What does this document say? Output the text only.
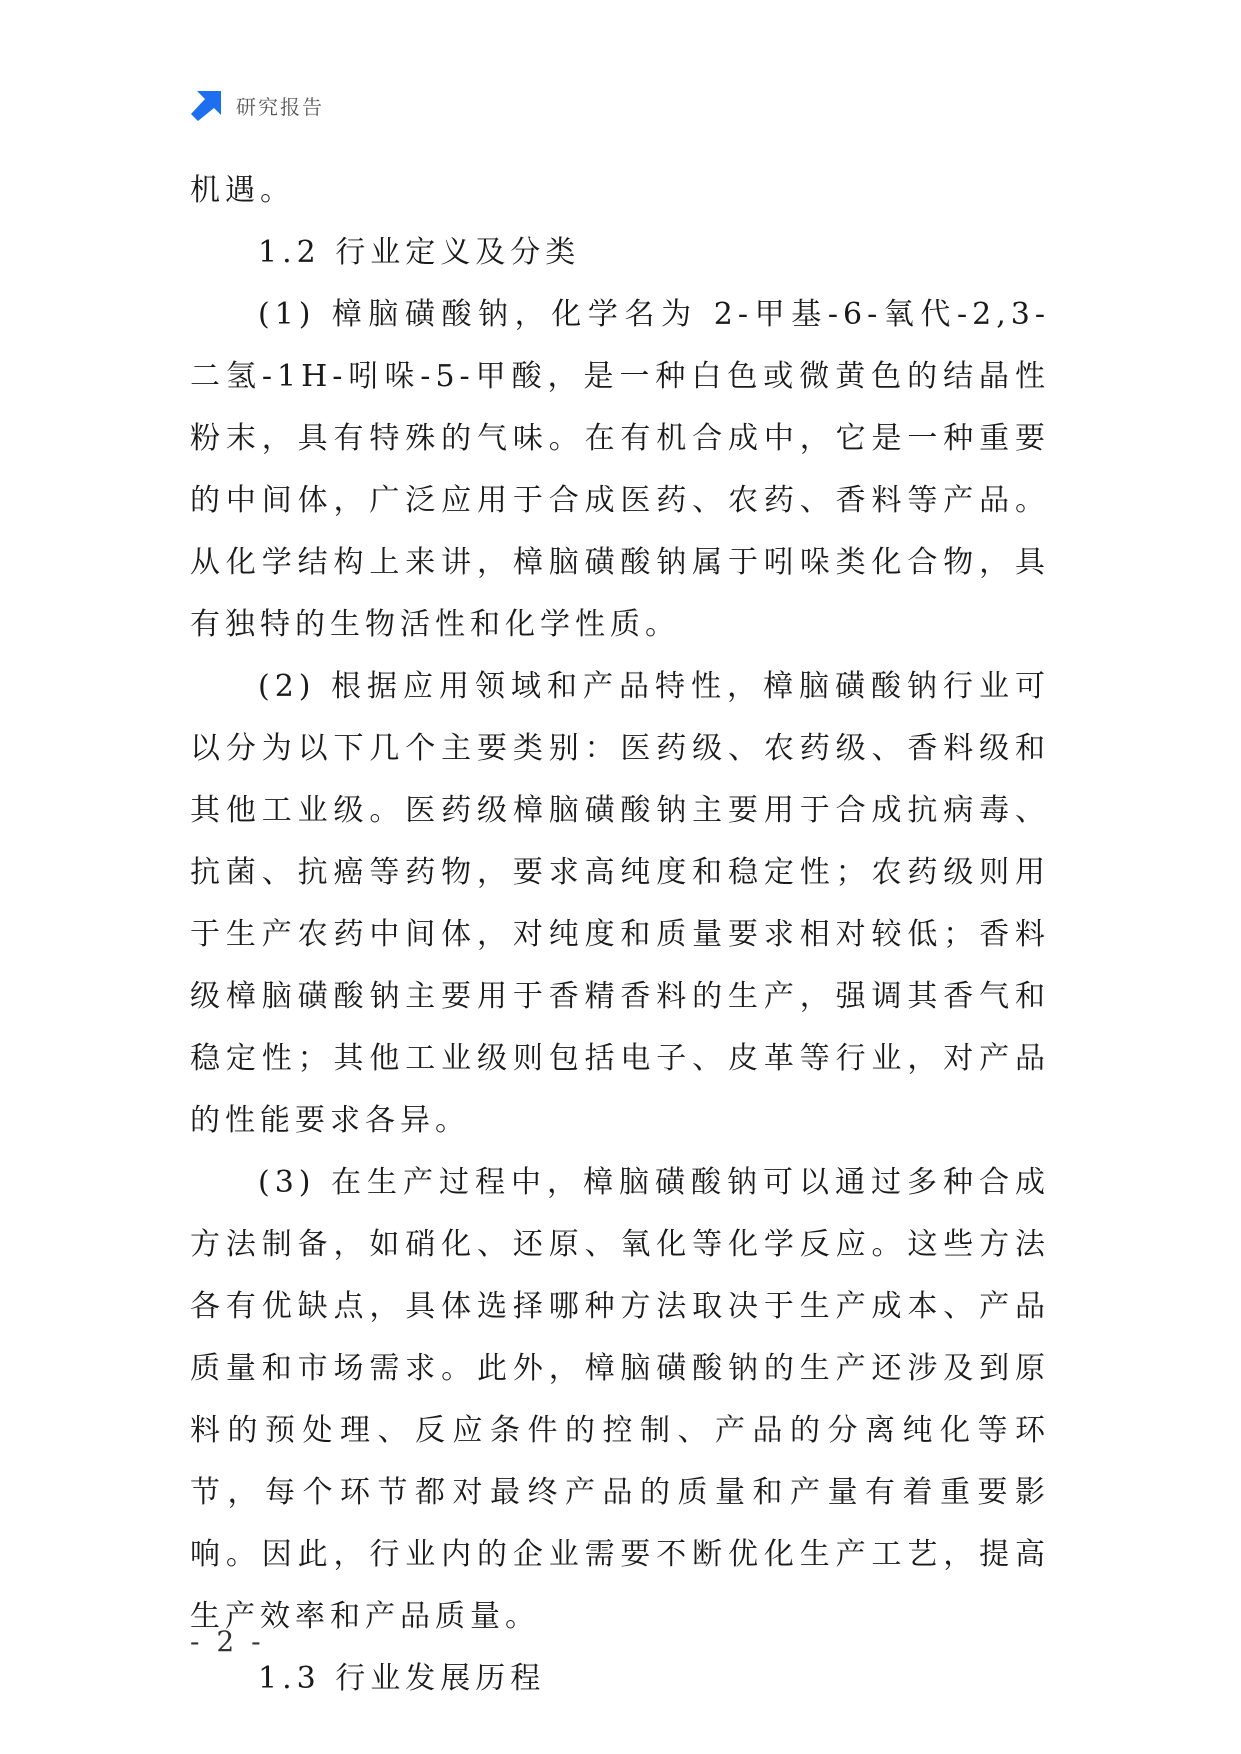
研究报告

机遇。

1.2 行业定义及分类

(1) 樟脑磺酸钠，化学名为 2-甲基-6-氧代-2,3-二氢-1H-吲哚-5-甲酸，是一种白色或微黄色的结晶性粉末，具有特殊的气味。在有机合成中，它是一种重要的中间体，广泛应用于合成医药、农药、香料等产品。从化学结构上来讲，樟脑磺酸钠属于吲哚类化合物，具有独特的生物活性和化学性质。

(2) 根据应用领域和产品特性，樟脑磺酸钠行业可以分为以下几个主要类别：医药级、农药级、香料级和其他工业级。医药级樟脑磺酸钠主要用于合成抗病毒、抗菌、抗癌等药物，要求高纯度和稳定性；农药级则用于生产农药中间体，对纯度和质量要求相对较低；香料级樟脑磺酸钠主要用于香精香料的生产，强调其香气和稳定性；其他工业级则包括电子、皮革等行业，对产品的性能要求各异。

(3) 在生产过程中，樟脑磺酸钠可以通过多种合成方法制备，如硝化、还原、氧化等化学反应。这些方法各有优缺点，具体选择哪种方法取决于生产成本、产品质量和市场需求。此外，樟脑磺酸钠的生产还涉及到原料的预处理、反应条件的控制、产品的分离纯化等环节，每个环节都对最终产品的质量和产量有着重要影响。因此，行业内的企业需要不断优化生产工艺，提高生产效率和产品质量。

1.3 行业发展历程

- 2 -
